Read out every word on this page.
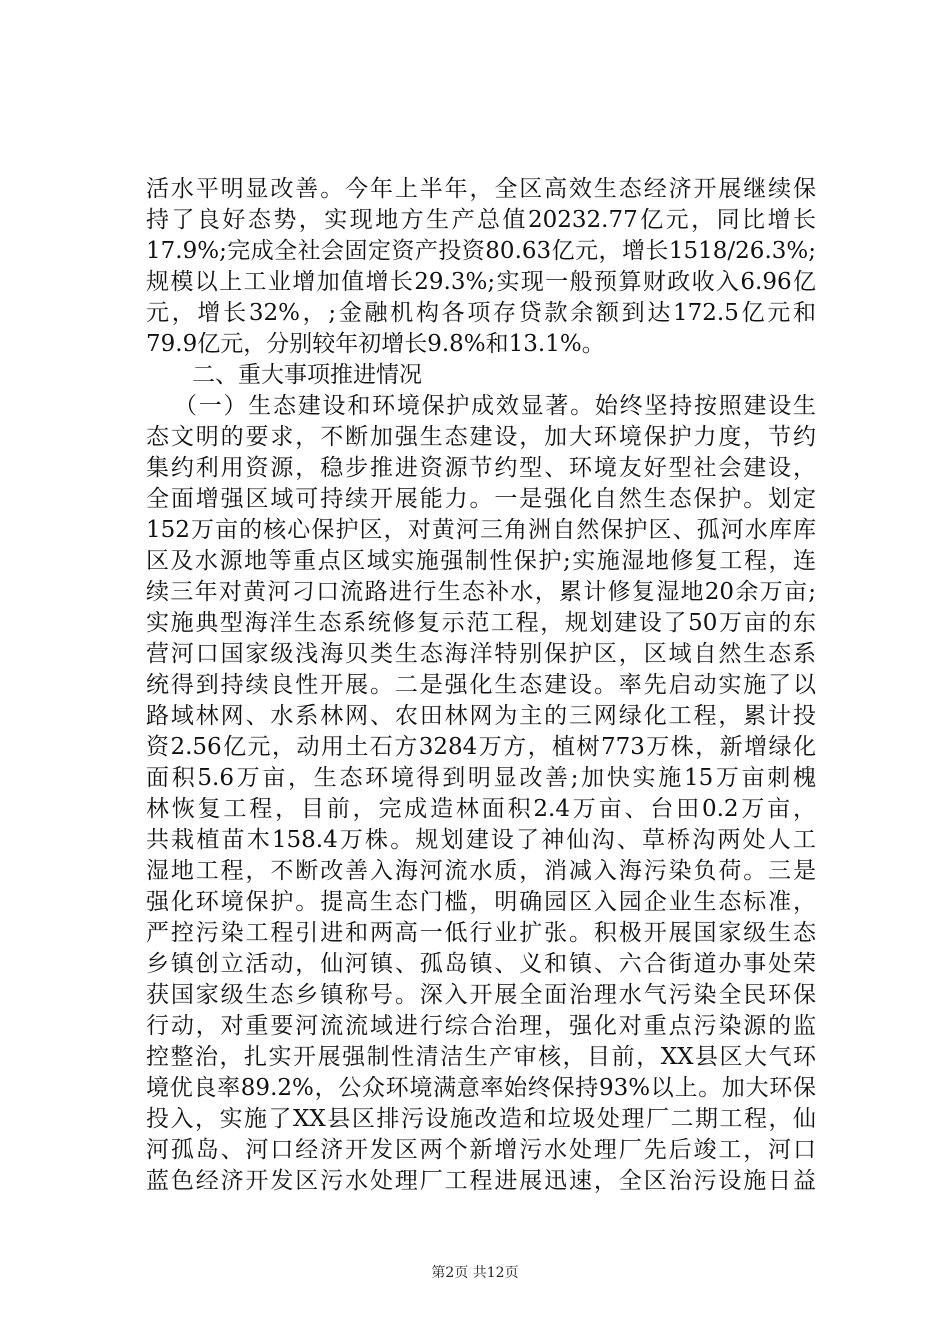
活水平明显改善。今年上半年，全区高效生态经济开展继续保
持了良好态势，实现地方生产总值20232.77亿元，同比增长
17.9%;完成全社会固定资产投资80.63亿元，增长1518/26.3%;
规模以上工业增加值增长29.3%;实现一般预算财政收入6.96亿
元，增长32%，;金融机构各项存贷款余额到达172.5亿元和
79.9亿元，分别较年初增长9.8%和13.1%。
二、重大事项推进情况
（一）生态建设和环境保护成效显著。始终坚持按照建设生
态文明的要求，不断加强生态建设，加大环境保护力度，节约
集约利用资源，稳步推进资源节约型、环境友好型社会建设，
全面增强区域可持续开展能力。一是强化自然生态保护。划定
152万亩的核心保护区，对黄河三角洲自然保护区、孤河水库库
区及水源地等重点区域实施强制性保护;实施湿地修复工程，连
续三年对黄河刁口流路进行生态补水，累计修复湿地20余万亩;
实施典型海洋生态系统修复示范工程，规划建设了50万亩的东
营河口国家级浅海贝类生态海洋特别保护区，区域自然生态系
统得到持续良性开展。二是强化生态建设。率先启动实施了以
路域林网、水系林网、农田林网为主的三网绿化工程，累计投
资2.56亿元，动用土石方3284万方，植树773万株，新增绿化
面积5.6万亩，生态环境得到明显改善;加快实施15万亩刺槐
林恢复工程，目前，完成造林面积2.4万亩、台田0.2万亩，
共栽植苗木158.4万株。规划建设了神仙沟、草桥沟两处人工
湿地工程，不断改善入海河流水质，消减入海污染负荷。三是
强化环境保护。提高生态门槛，明确园区入园企业生态标准，
严控污染工程引进和两高一低行业扩张。积极开展国家级生态
乡镇创立活动，仙河镇、孤岛镇、义和镇、六合街道办事处荣
获国家级生态乡镇称号。深入开展全面治理水气污染全民环保
行动，对重要河流流域进行综合治理，强化对重点污染源的监
控整治，扎实开展强制性清洁生产审核，目前，XX县区大气环
境优良率89.2%，公众环境满意率始终保持93%以上。加大环保
投入，实施了XX县区排污设施改造和垃圾处理厂二期工程，仙
河孤岛、河口经济开发区两个新增污水处理厂先后竣工，河口
蓝色经济开发区污水处理厂工程进展迅速，全区治污设施日益
第2页 共12页
